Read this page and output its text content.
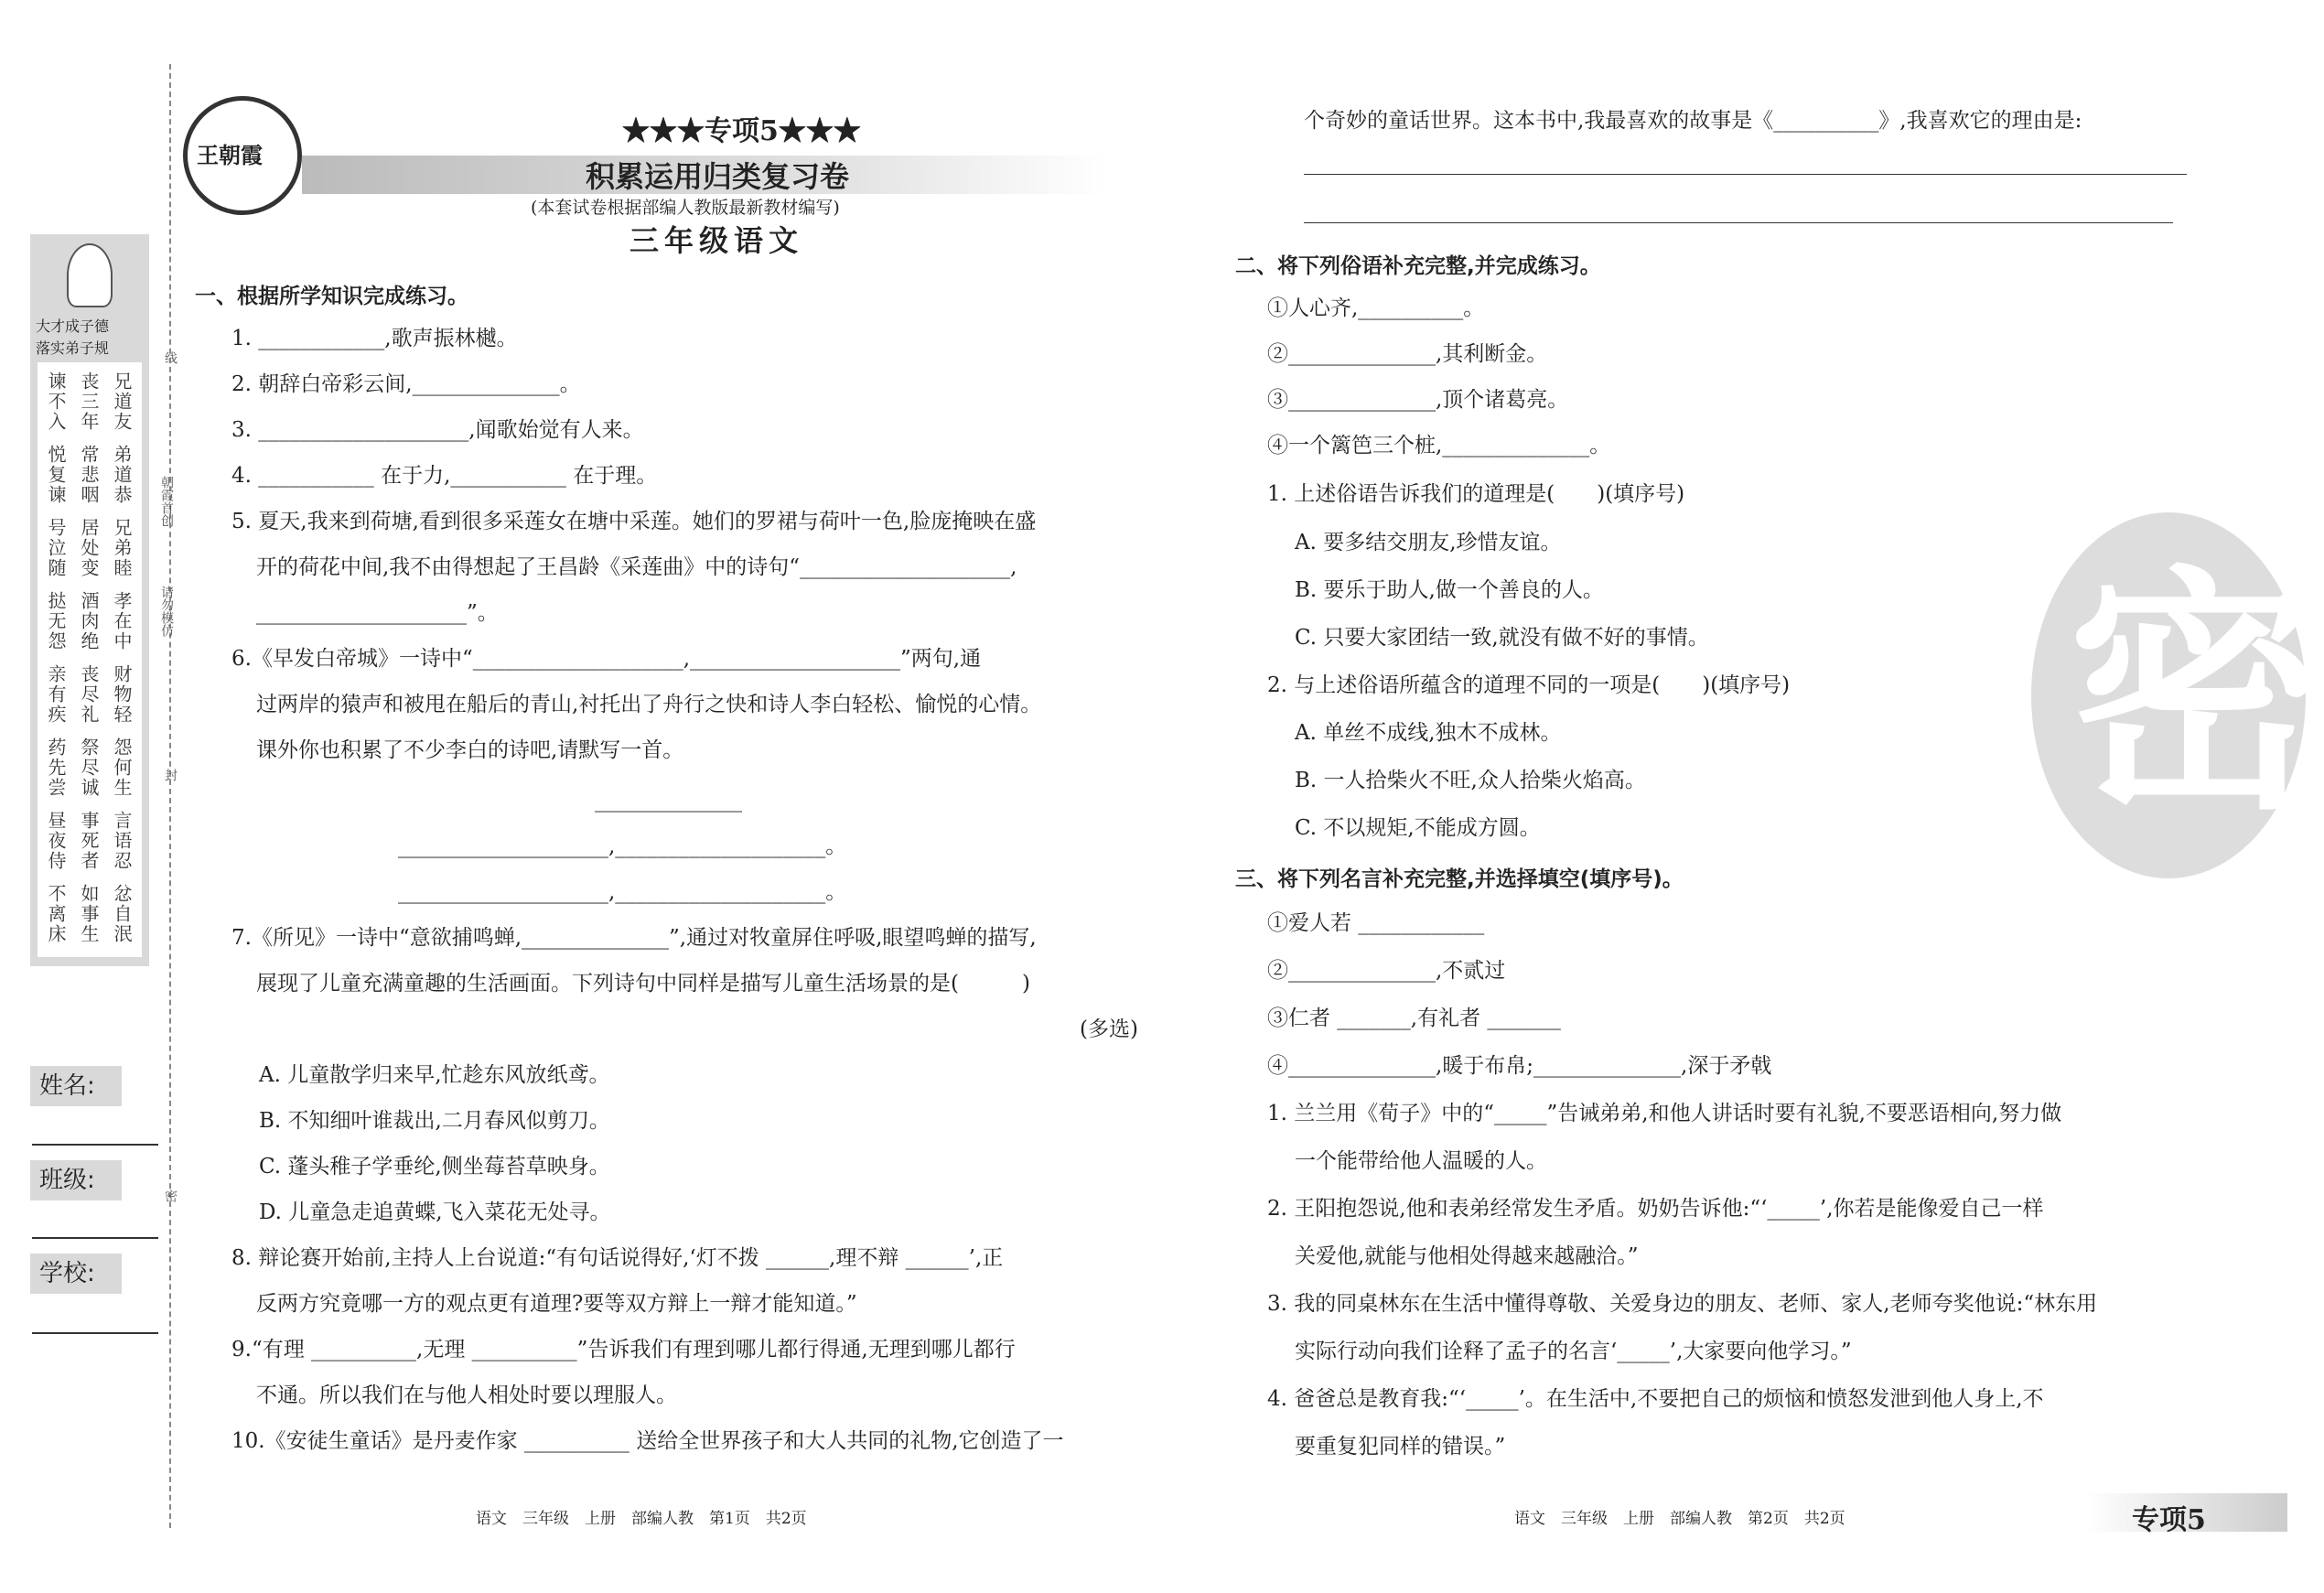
大才成子德
落实弟子规
兄道友
弟道恭
兄弟睦
孝在中
财物轻
怨何生
言语忍
忿自泯
丧三年
常悲咽
居处变
酒肉绝
丧尽礼
祭尽诚
事死者
如事生
谏不入
悦复谏
号泣随
挞无怨
亲有疾
药先尝
昼夜侍
不离床
线
朝霞首创
请勿模仿
封
密
姓名:
班级:
学校:
王朝霞
★★★专项5★★★
积累运用归类复习卷
(本套试卷根据部编人教版最新教材编写)
三年级语文
一、根据所学知识完成练习。
1. ____________,歌声振林樾。
2. 朝辞白帝彩云间,______________。
3. ____________________,闻歌始觉有人来。
4. ___________ 在于力,___________ 在于理。
5. 夏天,我来到荷塘,看到很多采莲女在塘中采莲。她们的罗裙与荷叶一色,脸庞掩映在盛
开的荷花中间,我不由得想起了王昌龄《采莲曲》中的诗句“____________________,
____________________”。
6.《早发白帝城》一诗中“____________________,____________________”两句,通
过两岸的猿声和被甩在船后的青山,衬托出了舟行之快和诗人李白轻松、愉悦的心情。
课外你也积累了不少李白的诗吧,请默写一首。
______________
____________________,____________________。
____________________,____________________。
7.《所见》一诗中“意欲捕鸣蝉,______________”,通过对牧童屏住呼吸,眼望鸣蝉的描写,
展现了儿童充满童趣的生活画面。下列诗句中同样是描写儿童生活场景的是(　　　)
(多选)
A. 儿童散学归来早,忙趁东风放纸鸢。
B. 不知细叶谁裁出,二月春风似剪刀。
C. 蓬头稚子学垂纶,侧坐莓苔草映身。
D. 儿童急走追黄蝶,飞入菜花无处寻。
8. 辩论赛开始前,主持人上台说道:“有句话说得好,‘灯不拨 ______,理不辩 ______’,正
反两方究竟哪一方的观点更有道理?要等双方辩上一辩才能知道。”
9.“有理 __________,无理 __________”告诉我们有理到哪儿都行得通,无理到哪儿都行
不通。所以我们在与他人相处时要以理服人。
10.《安徒生童话》是丹麦作家 __________ 送给全世界孩子和大人共同的礼物,它创造了一
语文　三年级　上册　部编人教　第1页　共2页
个奇妙的童话世界。这本书中,我最喜欢的故事是《__________》,我喜欢它的理由是:
二、将下列俗语补充完整,并完成练习。
①人心齐,__________。
②______________,其利断金。
③______________,顶个诸葛亮。
④一个篱笆三个桩,______________。
1. 上述俗语告诉我们的道理是(　　)(填序号)
A. 要多结交朋友,珍惜友谊。
B. 要乐于助人,做一个善良的人。
C. 只要大家团结一致,就没有做不好的事情。
2. 与上述俗语所蕴含的道理不同的一项是(　　)(填序号)
A. 单丝不成线,独木不成林。
B. 一人拾柴火不旺,众人拾柴火焰高。
C. 不以规矩,不能成方圆。
三、将下列名言补充完整,并选择填空(填序号)。
①爱人若 ____________
②______________,不贰过
③仁者 _______,有礼者 _______
④______________,暖于布帛;______________,深于矛戟
1. 兰兰用《荀子》中的“_____”告诫弟弟,和他人讲话时要有礼貌,不要恶语相向,努力做
一个能带给他人温暖的人。
2. 王阳抱怨说,他和表弟经常发生矛盾。奶奶告诉他:“‘_____’,你若是能像爱自己一样
关爱他,就能与他相处得越来越融洽。”
3. 我的同桌林东在生活中懂得尊敬、关爱身边的朋友、老师、家人,老师夸奖他说:“林东用
实际行动向我们诠释了孟子的名言‘_____’,大家要向他学习。”
4. 爸爸总是教育我:“‘_____’。在生活中,不要把自己的烦恼和愤怒发泄到他人身上,不
要重复犯同样的错误。”
语文　三年级　上册　部编人教　第2页　共2页
密
专项5
